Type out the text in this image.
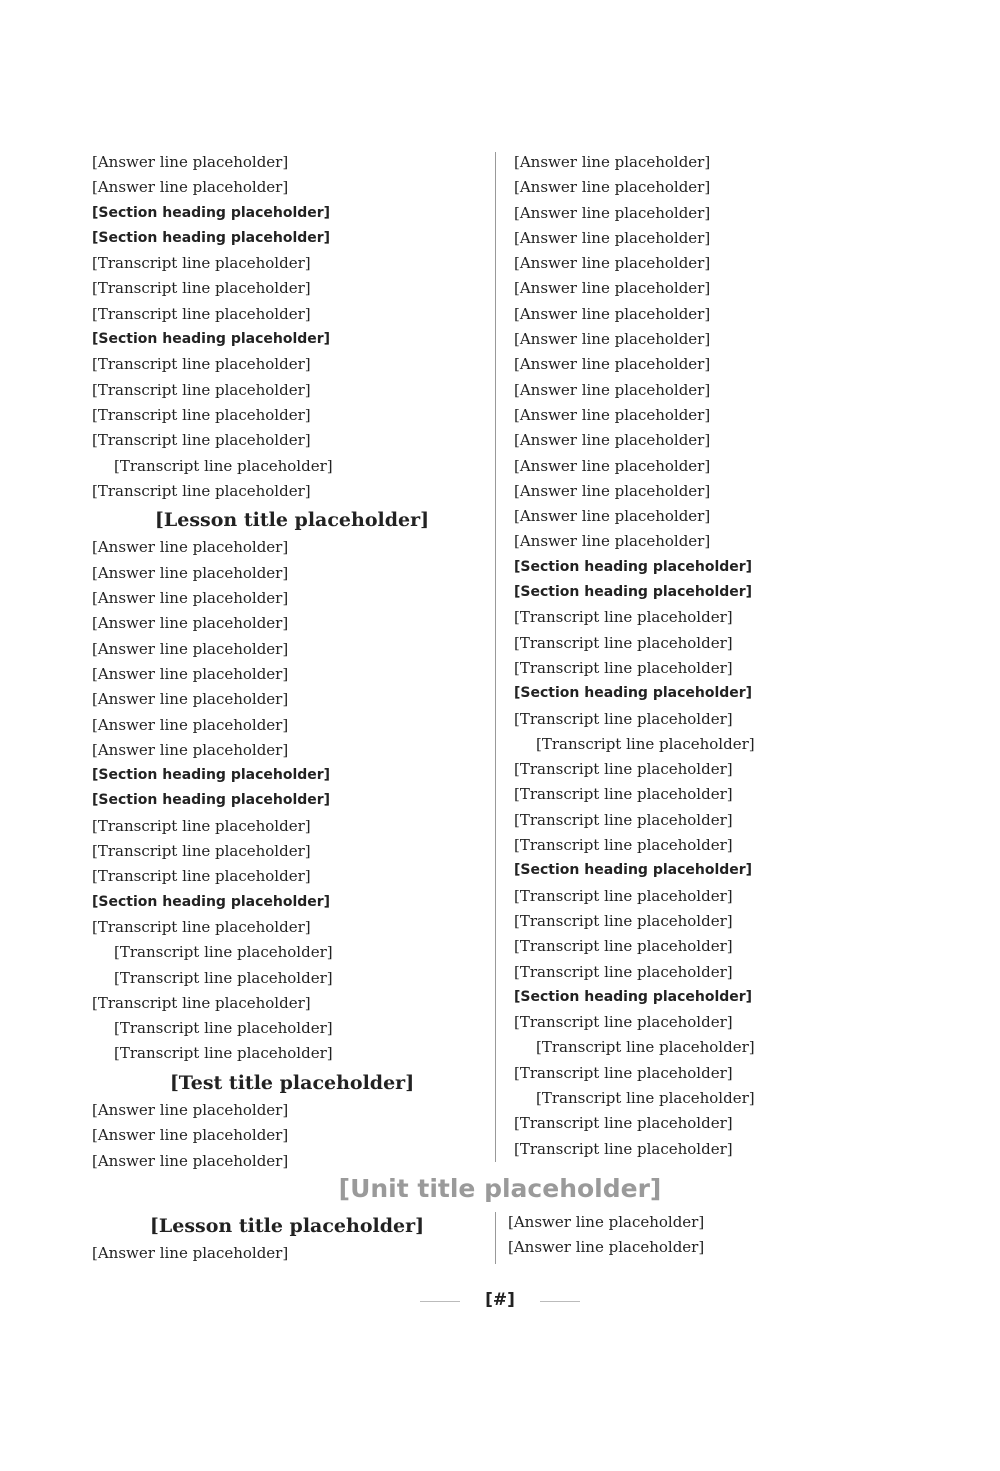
[Answer line placeholder]
[Answer line placeholder]
[Section heading placeholder]
[Section heading placeholder]
[Transcript line placeholder]
[Transcript line placeholder]
[Transcript line placeholder]
[Section heading placeholder]
[Transcript line placeholder]
[Transcript line placeholder]
[Transcript line placeholder]
[Transcript line placeholder]
[Transcript line placeholder]
[Transcript line placeholder]
[Lesson title placeholder]
[Answer line placeholder]
[Answer line placeholder]
[Answer line placeholder]
[Answer line placeholder]
[Answer line placeholder]
[Answer line placeholder]
[Answer line placeholder]
[Answer line placeholder]
[Answer line placeholder]
[Section heading placeholder]
[Section heading placeholder]
[Transcript line placeholder]
[Transcript line placeholder]
[Transcript line placeholder]
[Section heading placeholder]
[Transcript line placeholder]
[Transcript line placeholder]
[Transcript line placeholder]
[Transcript line placeholder]
[Transcript line placeholder]
[Transcript line placeholder]
[Test title placeholder]
[Answer line placeholder]
[Answer line placeholder]
[Answer line placeholder]
[Answer line placeholder]
[Answer line placeholder]
[Answer line placeholder]
[Answer line placeholder]
[Answer line placeholder]
[Answer line placeholder]
[Answer line placeholder]
[Answer line placeholder]
[Answer line placeholder]
[Answer line placeholder]
[Answer line placeholder]
[Answer line placeholder]
[Answer line placeholder]
[Answer line placeholder]
[Answer line placeholder]
[Answer line placeholder]
[Section heading placeholder]
[Section heading placeholder]
[Transcript line placeholder]
[Transcript line placeholder]
[Transcript line placeholder]
[Section heading placeholder]
[Transcript line placeholder]
[Transcript line placeholder]
[Transcript line placeholder]
[Transcript line placeholder]
[Transcript line placeholder]
[Transcript line placeholder]
[Section heading placeholder]
[Transcript line placeholder]
[Transcript line placeholder]
[Transcript line placeholder]
[Transcript line placeholder]
[Section heading placeholder]
[Transcript line placeholder]
[Transcript line placeholder]
[Transcript line placeholder]
[Transcript line placeholder]
[Transcript line placeholder]
[Transcript line placeholder]
[Unit title placeholder]
[Lesson title placeholder]
[Answer line placeholder]
[Answer line placeholder]
[Answer line placeholder]
[#]
